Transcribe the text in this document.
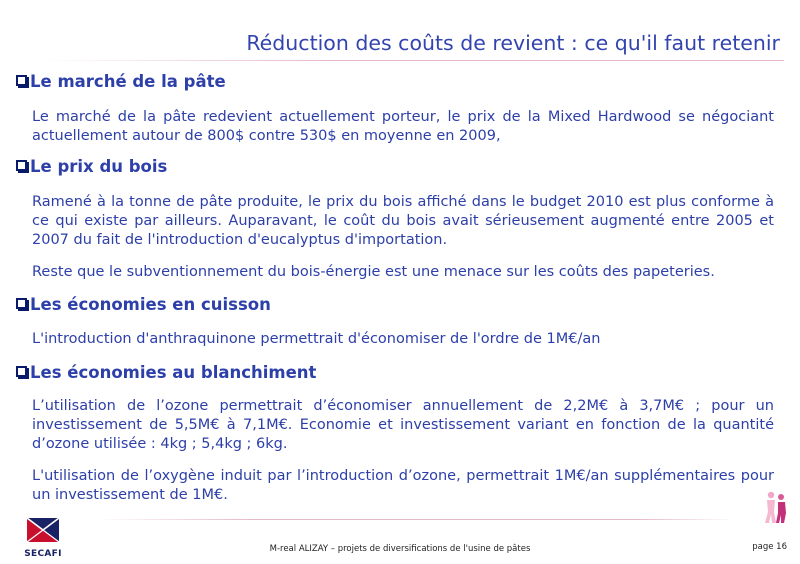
Réduction des coûts de revient : ce qu'il faut retenir
Le marché de la pâte
Le marché de la pâte redevient actuellement porteur, le prix de la Mixed Hardwood se négociant actuellement autour de 800$ contre 530$ en moyenne en 2009,
Le prix du bois
Ramené à la tonne de pâte produite, le prix du bois affiché dans le budget 2010 est plus conforme à ce qui existe par ailleurs. Auparavant, le coût du bois avait sérieusement augmenté entre 2005 et 2007 du fait de l'introduction d'eucalyptus d'importation.
Reste que le subventionnement du bois-énergie est une menace sur les coûts des papeteries.
Les économies en cuisson
L'introduction d'anthraquinone permettrait d'économiser de l'ordre de 1M€/an
Les économies au blanchiment
L’utilisation de l’ozone permettrait d’économiser annuellement de 2,2M€ à 3,7M€ ; pour un investissement de 5,5M€ à 7,1M€. Economie et investissement variant en fonction de la quantité d’ozone utilisée : 4kg ; 5,4kg ; 6kg.
L'utilisation de l’oxygène induit par l’introduction d’ozone, permettrait 1M€/an supplémentaires pour un investissement de 1M€.
SECAFI	M-real ALIZAY – projets de diversifications de l'usine de pâtes	page 16
